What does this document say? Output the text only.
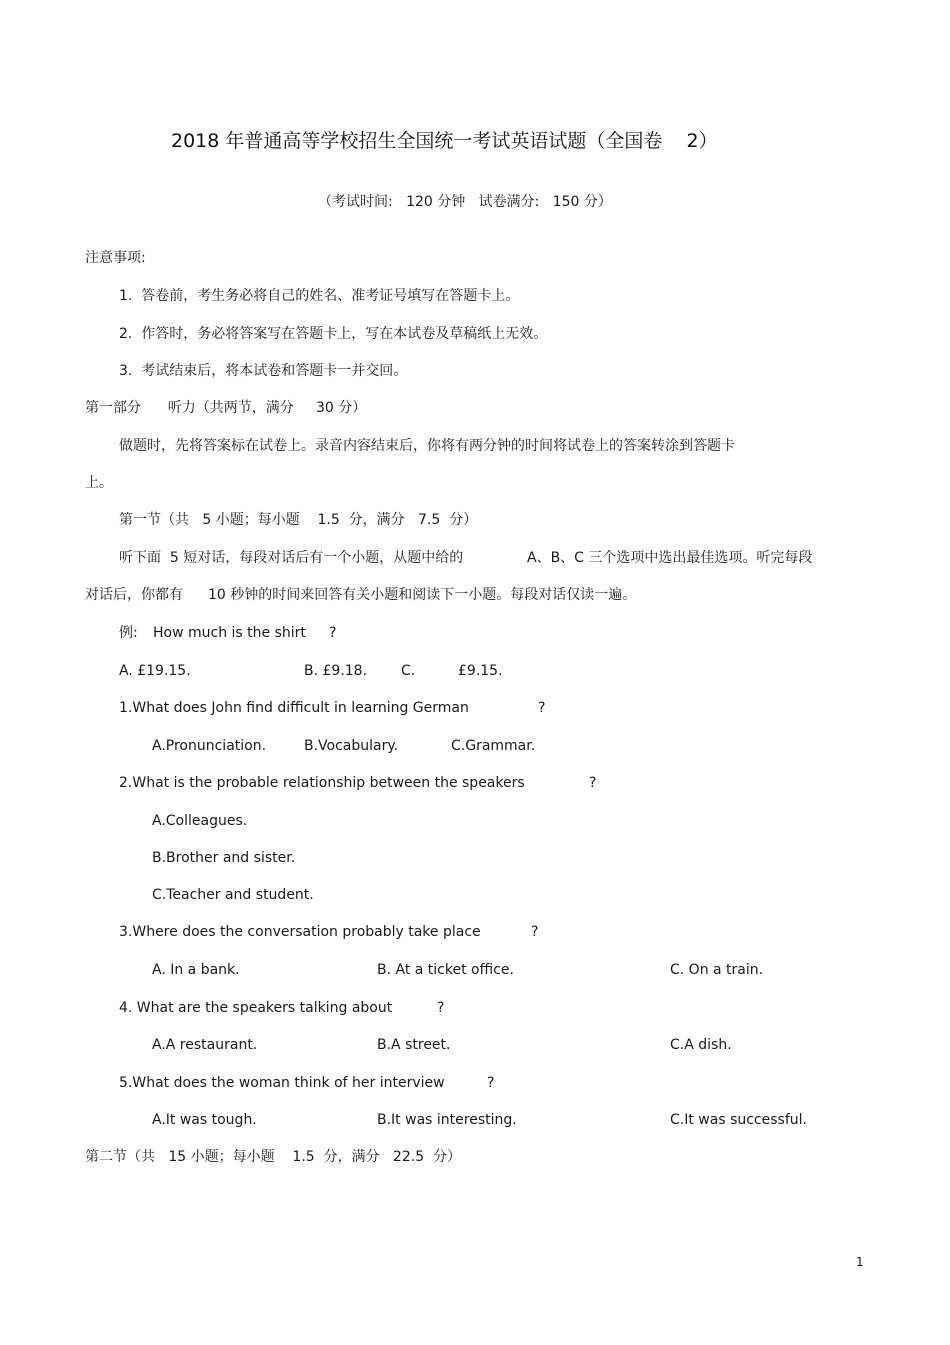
2018 年普通高等学校招生全国统一考试英语试题（全国卷    2）
（考试时间:   120 分钟   试卷满分:   150 分）
注意事项:
1.  答卷前，考生务必将自己的姓名、准考证号填写在答题卡上。
2.  作答时，务必将答案写在答题卡上，写在本试卷及草稿纸上无效。
3.  考试结束后，将本试卷和答题卡一并交回。
第一部分      听力（共两节，满分     30 分）
做题时，先将答案标在试卷上。录音内容结束后，你将有两分钟的时间将试卷上的答案转涂到答题卡
上。
第一节（共   5 小题；每小题    1.5  分，满分   7.5  分）
听下面  5 短对话，每段对话后有一个小题，从题中给的	A、B、C 三个选项中选出最佳选项。听完每段
对话后，你都有 10 秒钟的时间来回答有关小题和阅读下一小题。每段对话仅读一遍。
例: How much is the shirt ?
A. £19.15.	B. £9.18. C.	£9.15.
1.What does John find difficult in learning German	?
A.Pronunciation.	B.Vocabulary.	C.Grammar.
2.What is the probable relationship between the speakers	?
A.Colleagues.
B.Brother and sister.
C.Teacher and student.
3.Where does the conversation probably take place	?
A. In a bank.	B. At a ticket office.	C. On a train.
4. What are the speakers talking about	?
A.A restaurant.	B.A street.	C.A dish.
5.What does the woman think of her interview	?
A.It was tough.	B.It was interesting.	C.It was successful.
第二节（共   15 小题；每小题    1.5  分，满分   22.5  分）
1
